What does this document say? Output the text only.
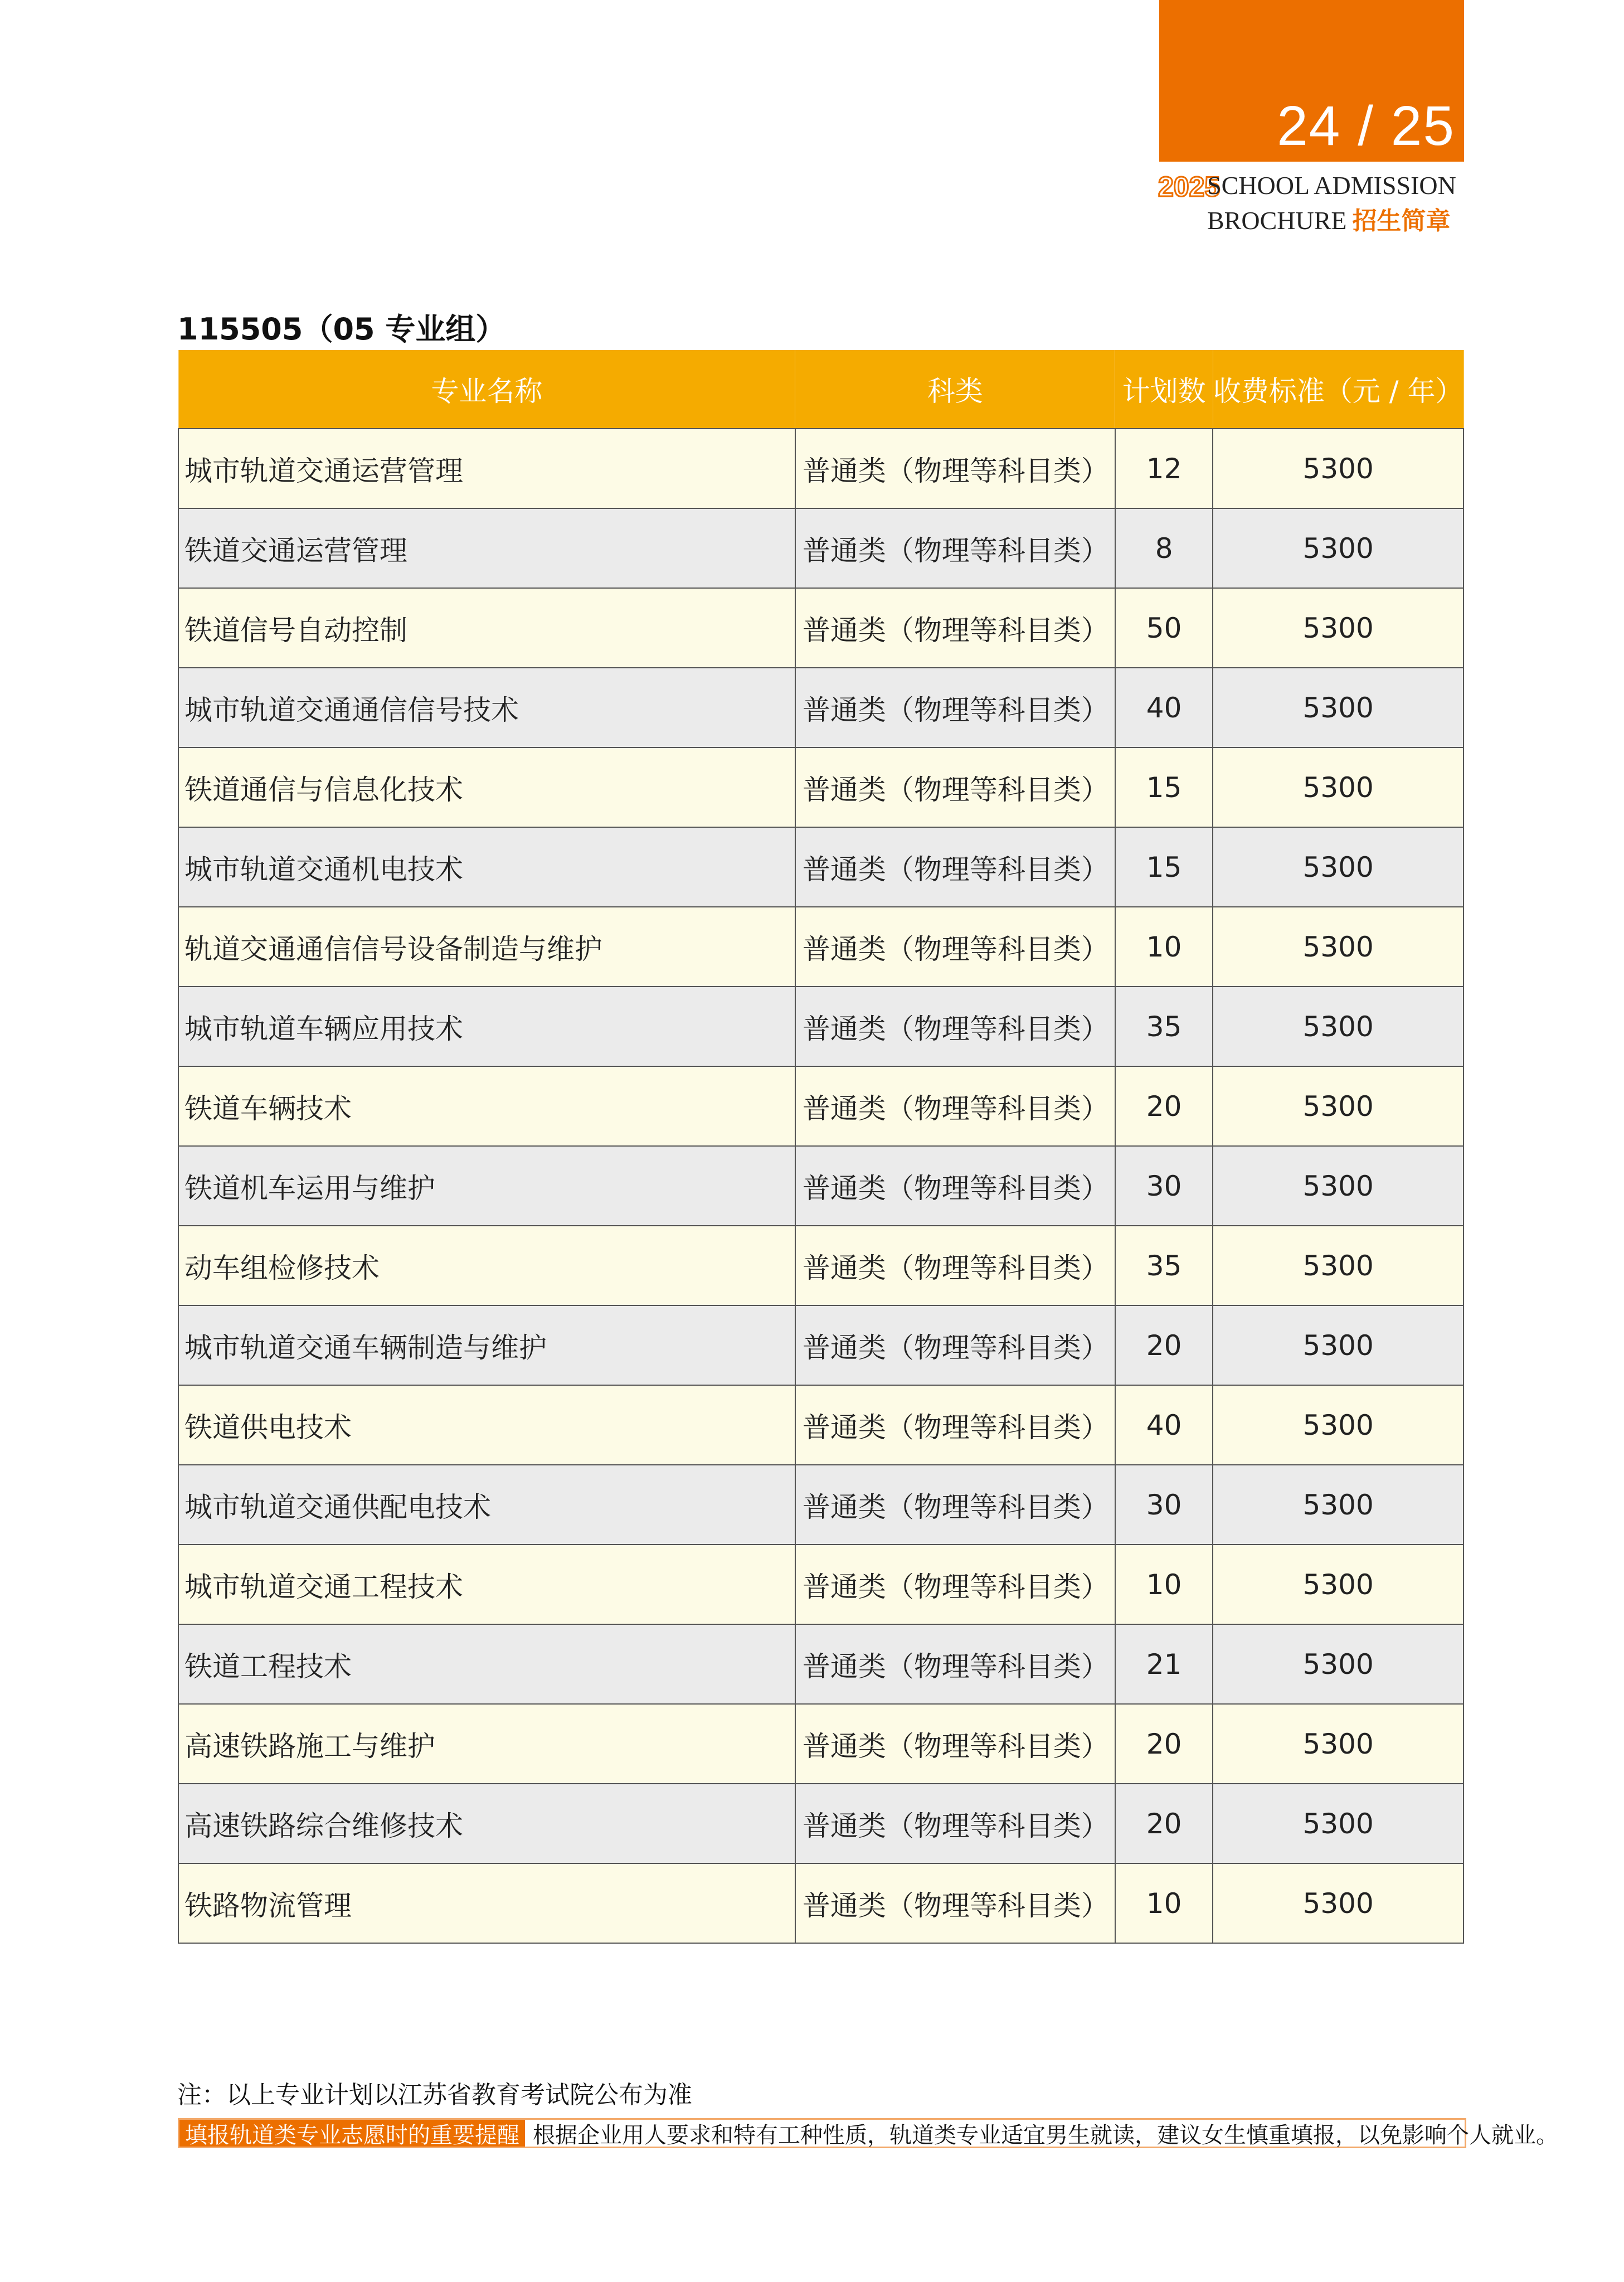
24 / 25
2025
SCHOOL ADMISSION
BROCHURE 招生简章
115505（05 专业组）
专业名称	科类	计划数	收费标准（元 / 年）
城市轨道交通运营管理	普通类（物理等科目类）	12	5300
铁道交通运营管理	普通类（物理等科目类）	8	5300
铁道信号自动控制	普通类（物理等科目类）	50	5300
城市轨道交通通信信号技术	普通类（物理等科目类）	40	5300
铁道通信与信息化技术	普通类（物理等科目类）	15	5300
城市轨道交通机电技术	普通类（物理等科目类）	15	5300
轨道交通通信信号设备制造与维护	普通类（物理等科目类）	10	5300
城市轨道车辆应用技术	普通类（物理等科目类）	35	5300
铁道车辆技术	普通类（物理等科目类）	20	5300
铁道机车运用与维护	普通类（物理等科目类）	30	5300
动车组检修技术	普通类（物理等科目类）	35	5300
城市轨道交通车辆制造与维护	普通类（物理等科目类）	20	5300
铁道供电技术	普通类（物理等科目类）	40	5300
城市轨道交通供配电技术	普通类（物理等科目类）	30	5300
城市轨道交通工程技术	普通类（物理等科目类）	10	5300
铁道工程技术	普通类（物理等科目类）	21	5300
高速铁路施工与维护	普通类（物理等科目类）	20	5300
高速铁路综合维修技术	普通类（物理等科目类）	20	5300
铁路物流管理	普通类（物理等科目类）	10	5300
注：以上专业计划以江苏省教育考试院公布为准
填报轨道类专业志愿时的重要提醒 根据企业用人要求和特有工种性质，轨道类专业适宜男生就读，建议女生慎重填报，以免影响个人就业。
